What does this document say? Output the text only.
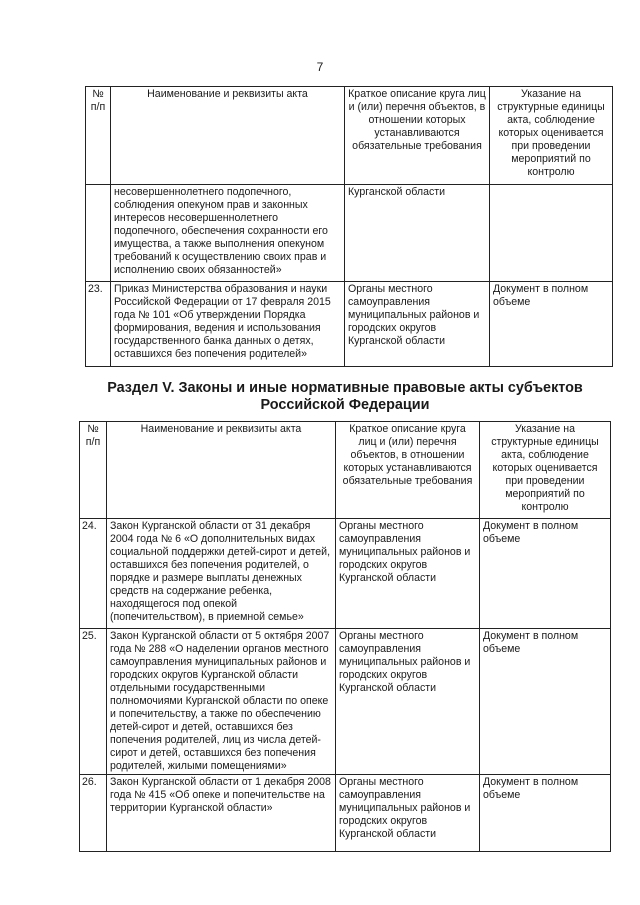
7
№ п/п	Наименование и реквизиты акта	Краткое описание круга лиц и (или) перечня объектов, в отношении которых устанавливаются обязательные требования	Указание на структурные единицы акта, соблюдение которых оценивается при проведении мероприятий по контролю
	несовершеннолетнего подопечного, соблюдения опекуном прав и законных интересов несовершеннолетнего подопечного, обеспечения сохранности его имущества, а также выполнения опекуном требований к осуществлению своих прав и исполнению своих обязанностей»	Курганской области	
23.	Приказ Министерства образования и науки Российской Федерации от 17 февраля 2015 года № 101 «Об утверждении Порядка формирования, ведения и использования государственного банка данных о детях, оставшихся без попечения родителей»	Органы местного самоуправления муниципальных районов и городских округов Курганской области	Документ в полном объеме
Раздел V. Законы и иные нормативные правовые акты субъектов Российской Федерации
№ п/п	Наименование и реквизиты акта	Краткое описание круга лиц и (или) перечня объектов, в отношении которых устанавливаются обязательные требования	Указание на структурные единицы акта, соблюдение которых оценивается при проведении мероприятий по контролю
24.	Закон Курганской области от 31 декабря 2004 года № 6 «О дополнительных видах социальной поддержки детей-сирот и детей, оставшихся без попечения родителей, о порядке и размере выплаты денежных средств на содержание ребенка, находящегося под опекой (попечительством), в приемной семье»	Органы местного самоуправления муниципальных районов и городских округов Курганской области	Документ в полном объеме
25.	Закон Курганской области от 5 октября 2007 года № 288 «О наделении органов местного самоуправления муниципальных районов и городских округов Курганской области отдельными государственными полномочиями Курганской области по опеке и попечительству, а также по обеспечению детей-сирот и детей, оставшихся без попечения родителей, лиц из числа детей-сирот и детей, оставшихся без попечения родителей, жилыми помещениями»	Органы местного самоуправления муниципальных районов и городских округов Курганской области	Документ в полном объеме
26.	Закон Курганской области от 1 декабря 2008 года № 415 «Об опеке и попечительстве на территории Курганской области»	Органы местного самоуправления муниципальных районов и городских округов Курганской области	Документ в полном объеме
